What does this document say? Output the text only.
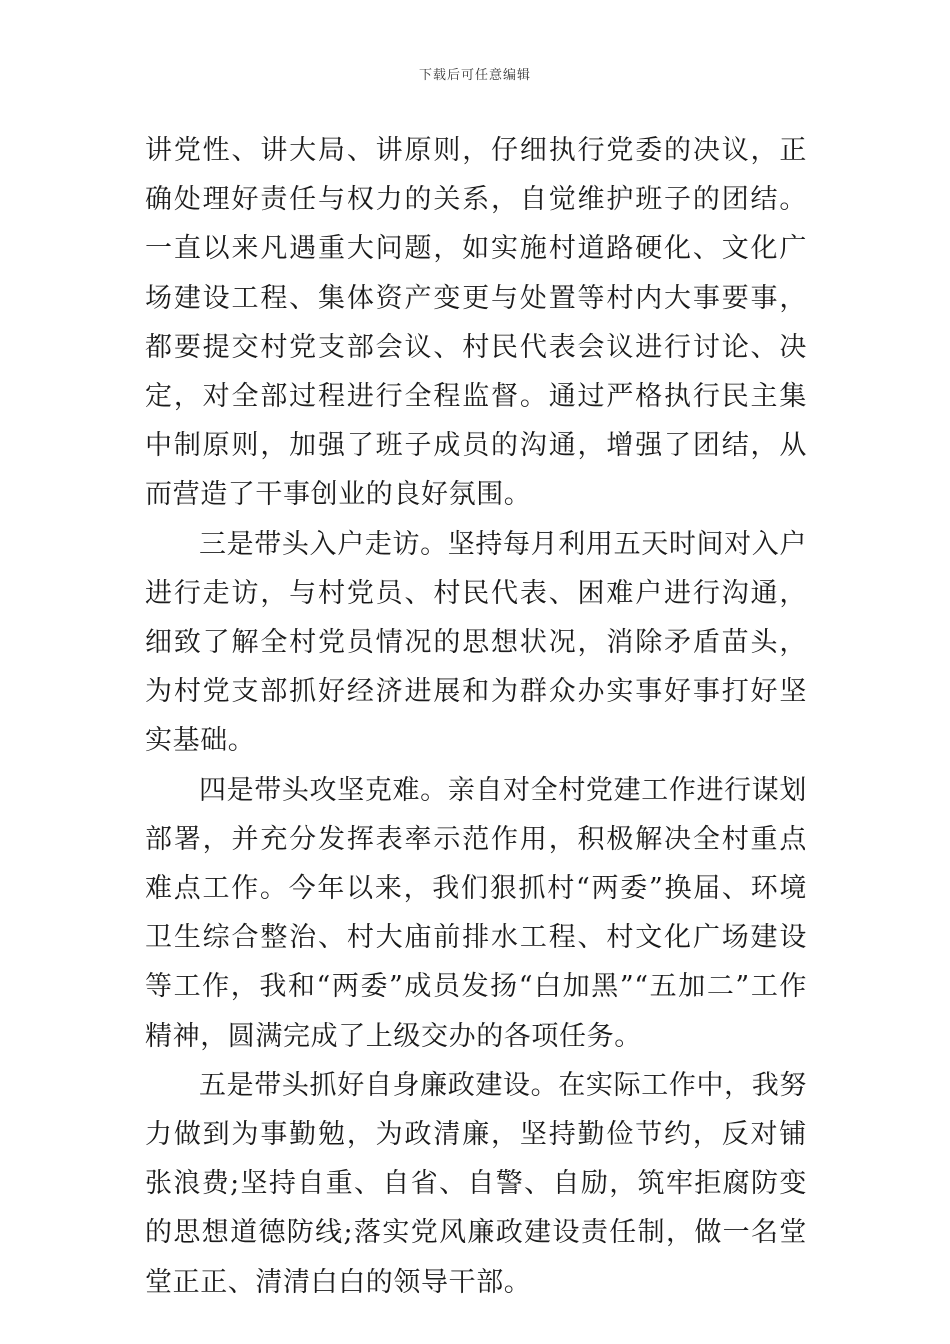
下载后可任意编辑

讲党性、讲大局、讲原则，仔细执行党委的决议，正确处理好责任与权力的关系，自觉维护班子的团结。一直以来凡遇重大问题，如实施村道路硬化、文化广场建设工程、集体资产变更与处置等村内大事要事，都要提交村党支部会议、村民代表会议进行讨论、决定，对全部过程进行全程监督。通过严格执行民主集中制原则，加强了班子成员的沟通，增强了团结，从而营造了干事创业的良好氛围。

三是带头入户走访。坚持每月利用五天时间对入户进行走访，与村党员、村民代表、困难户进行沟通，细致了解全村党员情况的思想状况，消除矛盾苗头，为村党支部抓好经济进展和为群众办实事好事打好坚实基础。

四是带头攻坚克难。亲自对全村党建工作进行谋划部署，并充分发挥表率示范作用，积极解决全村重点难点工作。今年以来，我们狠抓村“两委”换届、环境卫生综合整治、村大庙前排水工程、村文化广场建设等工作，我和“两委”成员发扬“白加黑”“五加二”工作精神，圆满完成了上级交办的各项任务。

五是带头抓好自身廉政建设。在实际工作中，我努力做到为事勤勉，为政清廉，坚持勤俭节约，反对铺张浪费;坚持自重、自省、自警、自励，筑牢拒腐防变的思想道德防线;落实党风廉政建设责任制，做一名堂堂正正、清清白白的领导干部。
